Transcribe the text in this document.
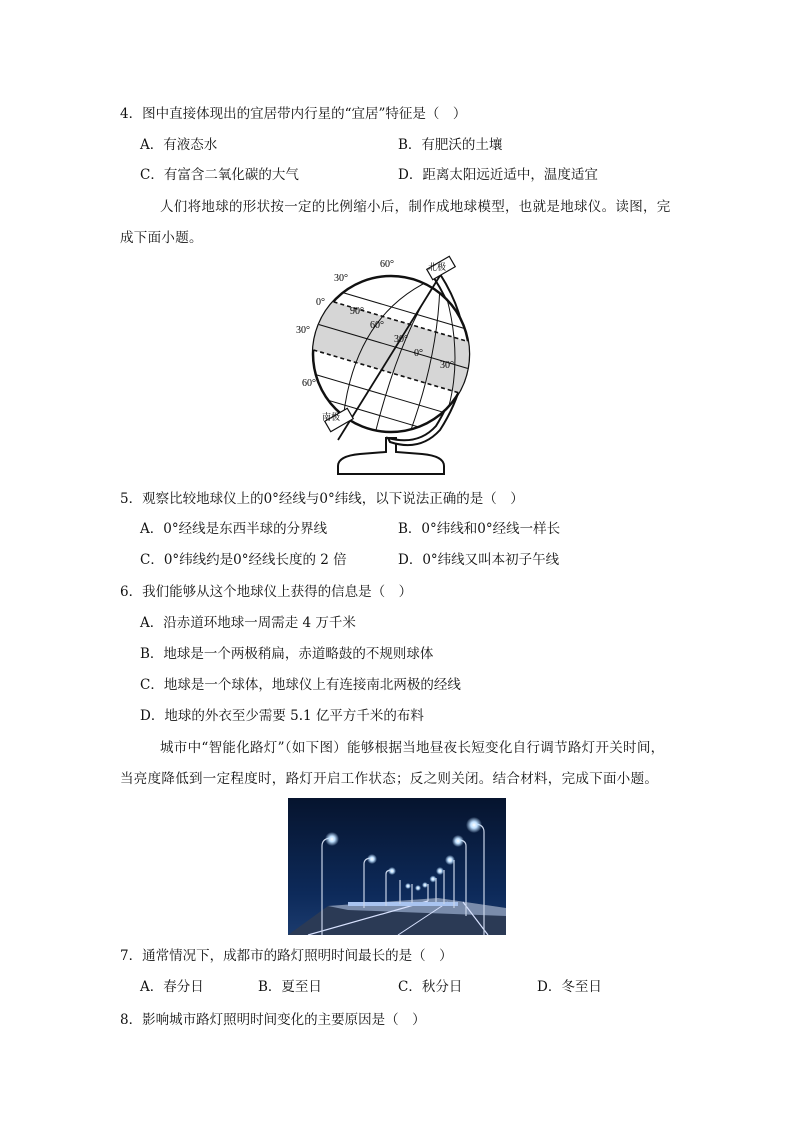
4．图中直接体现出的宜居带内行星的“宜居”特征是（　）
A．有液态水	B．有肥沃的土壤
C．有富含二氧化碳的大气	D．距离太阳远近适中，温度适宜
人们将地球的形状按一定的比例缩小后，制作成地球模型，也就是地球仪。读图，完
成下面小题。
60°
30°
0°
30°
60°
90°
60°
30°
0°
30°
北极
南极
5．观察比较地球仪上的0°经线与0°纬线，以下说法正确的是（　）
A．0°经线是东西半球的分界线	B．0°纬线和0°经线一样长
C．0°纬线约是0°经线长度的 2 倍	D．0°纬线又叫本初子午线
6．我们能够从这个地球仪上获得的信息是（　）
A．沿赤道环地球一周需走 4 万千米
B．地球是一个两极稍扁，赤道略鼓的不规则球体
C．地球是一个球体，地球仪上有连接南北两极的经线
D．地球的外衣至少需要 5.1 亿平方千米的布料
城市中“智能化路灯”（如下图）能够根据当地昼夜长短变化自行调节路灯开关时间，
当亮度降低到一定程度时，路灯开启工作状态；反之则关闭。结合材料，完成下面小题。
7．通常情况下，成都市的路灯照明时间最长的是（　）
A．春分日	B．夏至日	C．秋分日	D．冬至日
8．影响城市路灯照明时间变化的主要原因是（　）
